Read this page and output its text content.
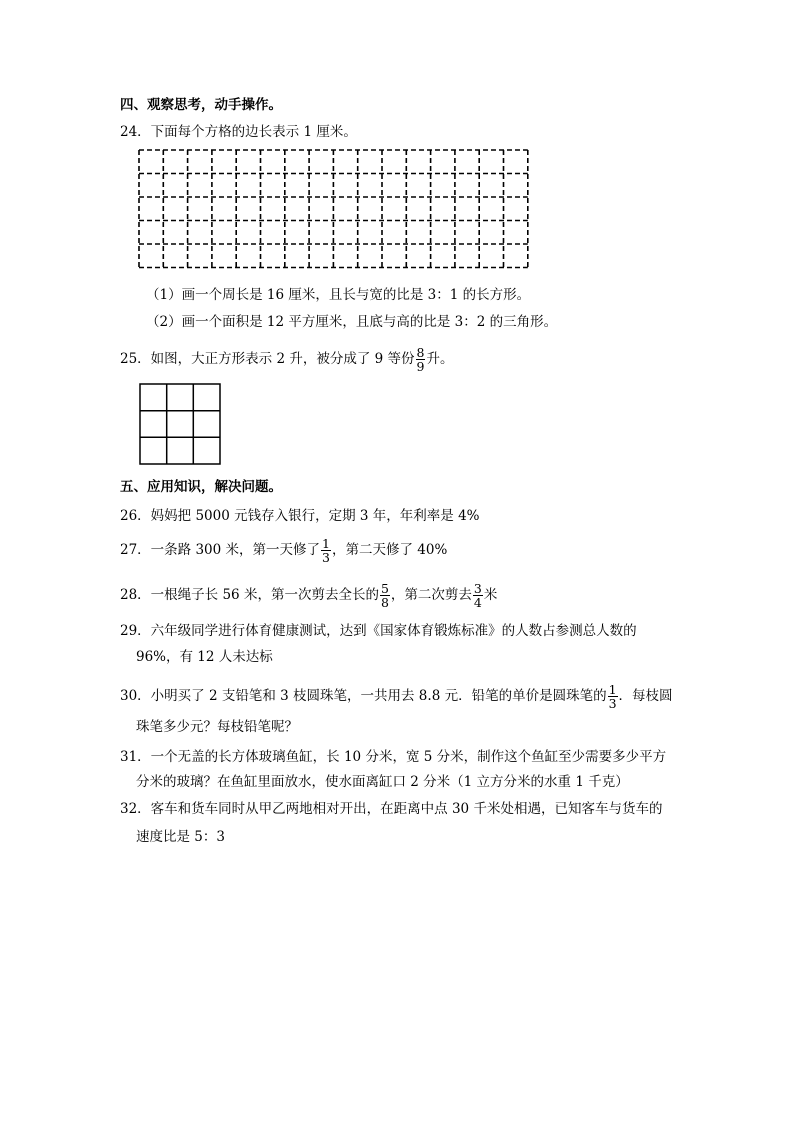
四、观察思考，动手操作。
24．下面每个方格的边长表示 1 厘米。
（1）画一个周长是 16 厘米，且长与宽的比是 3：1 的长方形。
（2）画一个面积是 12 平方厘米，且底与高的比是 3：2 的三角形。
25．如图，大正方形表示 2 升，被分成了 9 等份 $\frac{8}{9}$ 升。
五、应用知识，解决问题。
26．妈妈把 5000 元钱存入银行，定期 3 年，年利率是 4%
27．一条路 300 米，第一天修了 $\frac{1}{3}$ ，第二天修了 40%
28．一根绳子长 56 米，第一次剪去全长的 $\frac{5}{8}$ ，第二次剪去 $\frac{3}{4}$ 米
29．六年级同学进行体育健康测试，达到《国家体育锻炼标准》的人数占参测总人数的
96%，有 12 人未达标
30．小明买了 2 支铅笔和 3 枝圆珠笔，一共用去 8.8 元．铅笔的单价是圆珠笔的 $\frac{1}{3}$ ．每枝圆
珠笔多少元？每枝铅笔呢？
31．一个无盖的长方体玻璃鱼缸，长 10 分米，宽 5 分米，制作这个鱼缸至少需要多少平方
分米的玻璃？在鱼缸里面放水，使水面离缸口 2 分米（1 立方分米的水重 1 千克）
32．客车和货车同时从甲乙两地相对开出，在距离中点 30 千米处相遇，已知客车与货车的
速度比是 5：3
